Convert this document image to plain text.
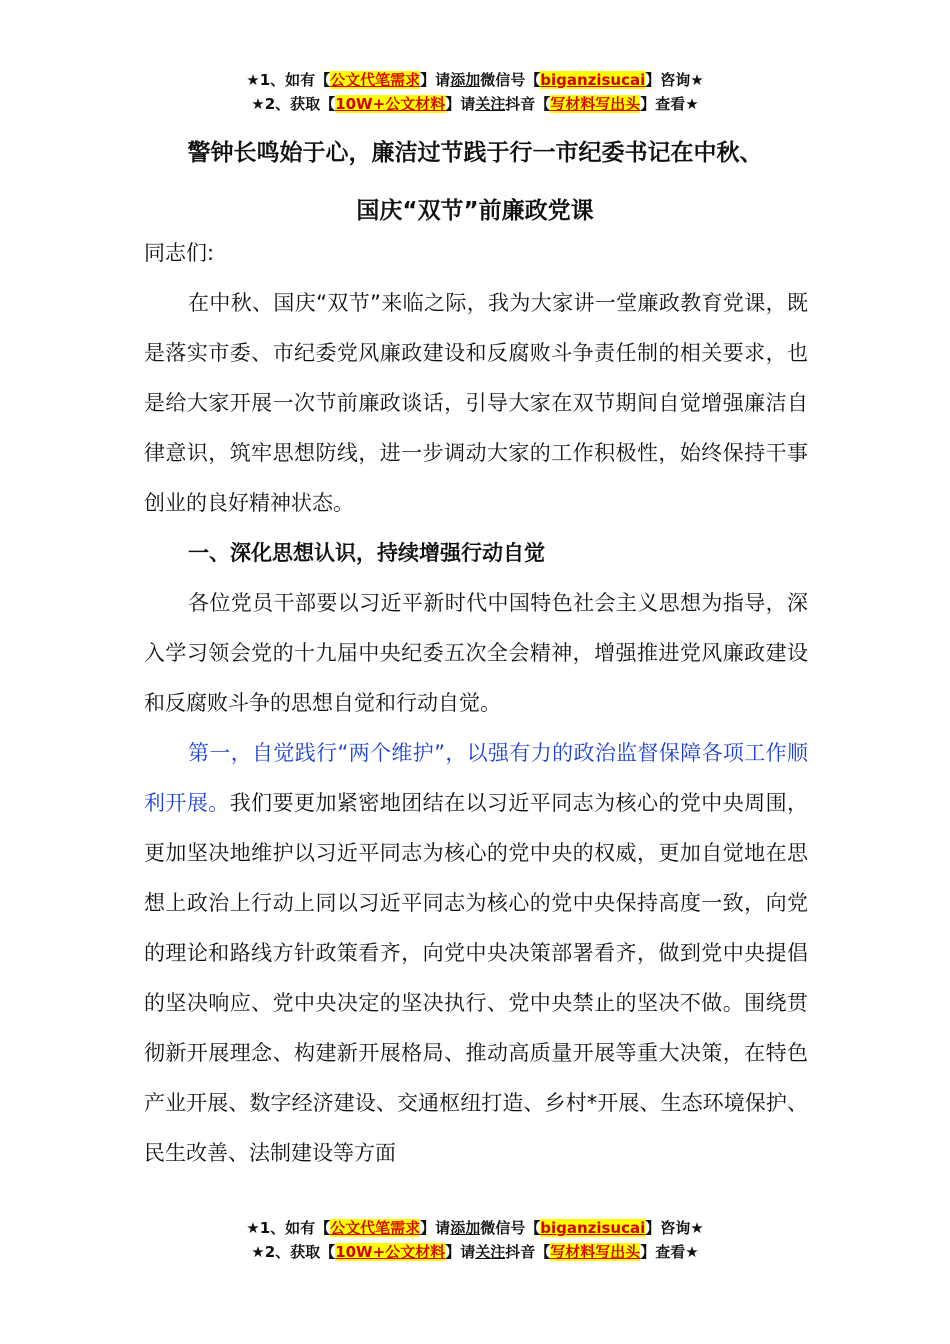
★1、如有【公文代笔需求】请添加微信号【biganzisucai】咨询★
★2、获取【10W+公文材料】请关注抖音【写材料写出头】查看★
警钟长鸣始于心，廉洁过节践于行一市纪委书记在中秋、
国庆“双节”前廉政党课

同志们:

在中秋、国庆“双节”来临之际，我为大家讲一堂廉政教育党课，既是落实市委、市纪委党风廉政建设和反腐败斗争责任制的相关要求，也是给大家开展一次节前廉政谈话，引导大家在双节期间自觉增强廉洁自律意识，筑牢思想防线，进一步调动大家的工作积极性，始终保持干事创业的良好精神状态。

一、深化思想认识，持续增强行动自觉

各位党员干部要以习近平新时代中国特色社会主义思想为指导，深入学习领会党的十九届中央纪委五次全会精神，增强推进党风廉政建设和反腐败斗争的思想自觉和行动自觉。

第一，自觉践行“两个维护”，以强有力的政治监督保障各项工作顺利开展。我们要更加紧密地团结在以习近平同志为核心的党中央周围，更加坚决地维护以习近平同志为核心的党中央的权威，更加自觉地在思想上政治上行动上同以习近平同志为核心的党中央保持高度一致，向党的理论和路线方针政策看齐，向党中央决策部署看齐，做到党中央提倡的坚决响应、党中央决定的坚决执行、党中央禁止的坚决不做。围绕贯彻新开展理念、构建新开展格局、推动高质量开展等重大决策，在特色产业开展、数字经济建设、交通枢纽打造、乡村*开展、生态环境保护、民生改善、法制建设等方面

★1、如有【公文代笔需求】请添加微信号【biganzisucai】咨询★
★2、获取【10W+公文材料】请关注抖音【写材料写出头】查看★
